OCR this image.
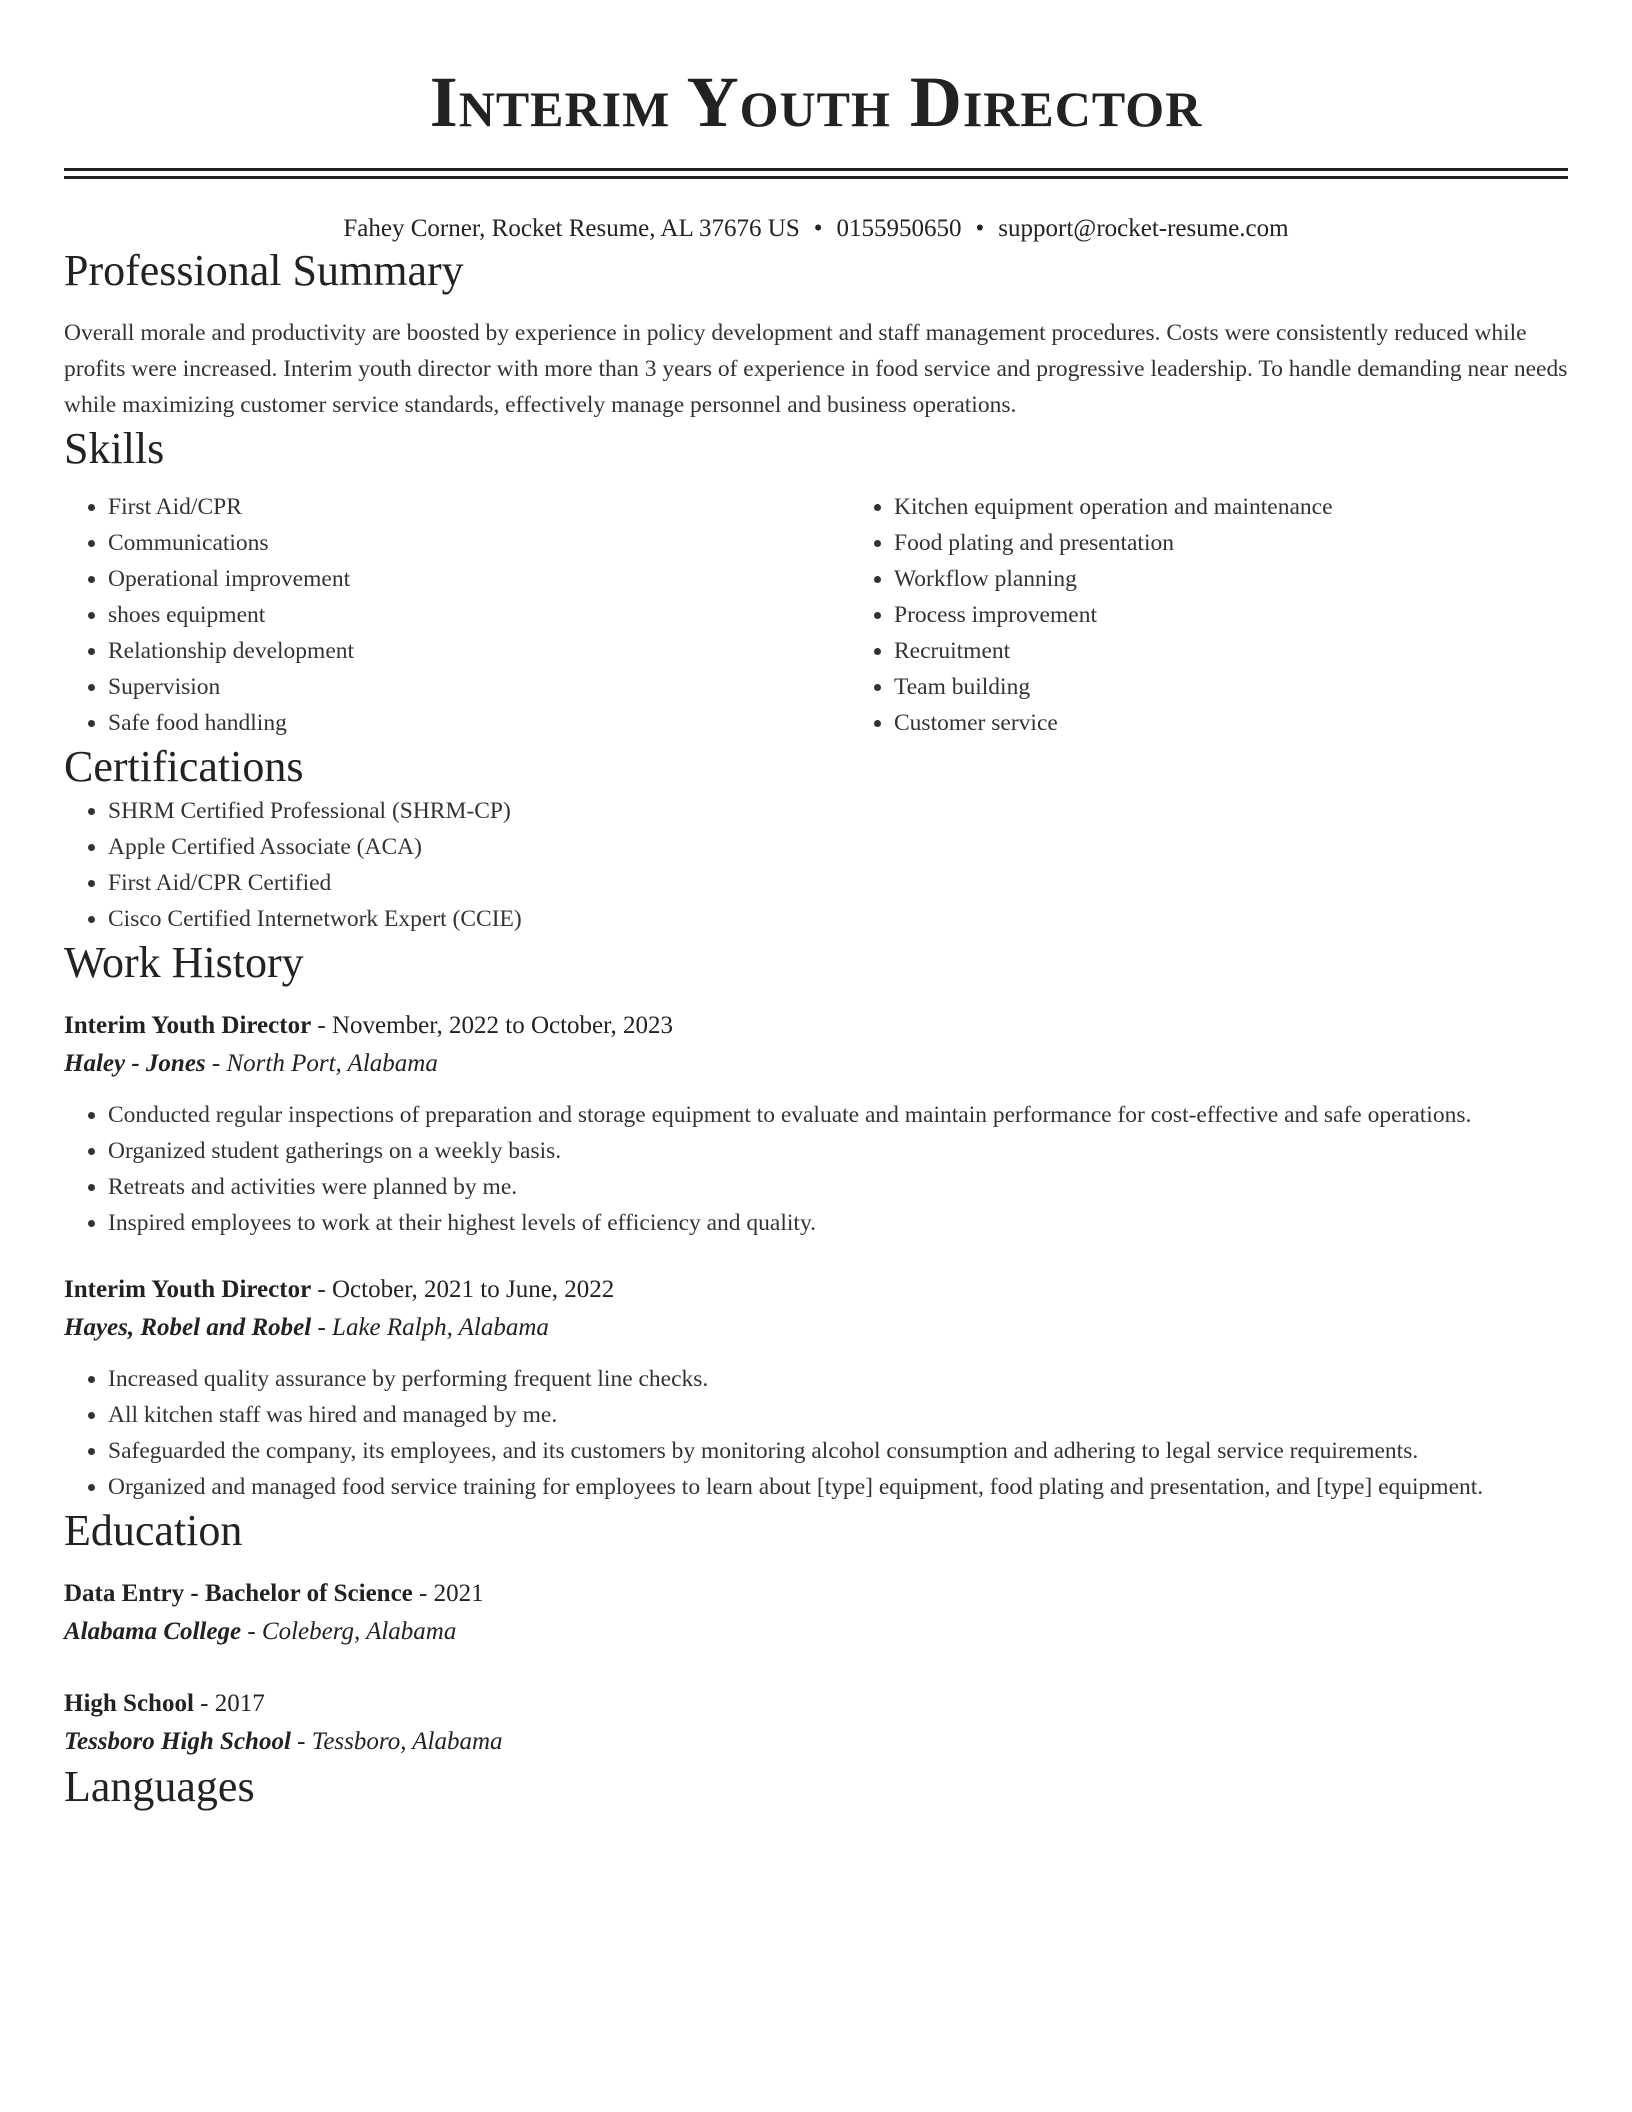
Interim Youth Director
Fahey Corner, Rocket Resume, AL 37676 US • 0155950650 • support@rocket-resume.com
Professional Summary

Overall morale and productivity are boosted by experience in policy development and staff management procedures. Costs were consistently reduced while profits were increased. Interim youth director with more than 3 years of experience in food service and progressive leadership. To handle demanding near needs while maximizing customer service standards, effectively manage personnel and business operations.

Skills
• First Aid/CPR
• Communications
• Operational improvement
• shoes equipment
• Relationship development
• Supervision
• Safe food handling
• Kitchen equipment operation and maintenance
• Food plating and presentation
• Workflow planning
• Process improvement
• Recruitment
• Team building
• Customer service
Certifications
• SHRM Certified Professional (SHRM-CP)
• Apple Certified Associate (ACA)
• First Aid/CPR Certified
• Cisco Certified Internetwork Expert (CCIE)
Work History
Interim Youth Director - November, 2022 to October, 2023
Haley - Jones - North Port, Alabama
• Conducted regular inspections of preparation and storage equipment to evaluate and maintain performance for cost-effective and safe operations.
• Organized student gatherings on a weekly basis.
• Retreats and activities were planned by me.
• Inspired employees to work at their highest levels of efficiency and quality.
Interim Youth Director - October, 2021 to June, 2022
Hayes, Robel and Robel - Lake Ralph, Alabama
• Increased quality assurance by performing frequent line checks.
• All kitchen staff was hired and managed by me.
• Safeguarded the company, its employees, and its customers by monitoring alcohol consumption and adhering to legal service requirements.
• Organized and managed food service training for employees to learn about [type] equipment, food plating and presentation, and [type] equipment.
Education
Data Entry - Bachelor of Science - 2021
Alabama College - Coleberg, Alabama
High School - 2017
Tessboro High School - Tessboro, Alabama
Languages
